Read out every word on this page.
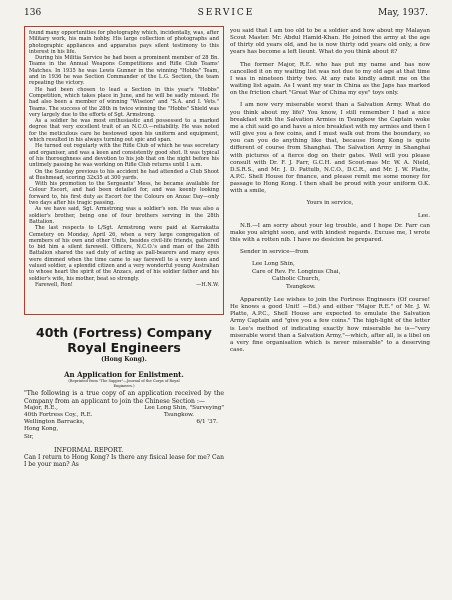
136	SERVICE	May, 1937.

found many opportunities for photography which, incidentally, was, after Military work, his main hobby. His large collection of photographs and photographic appliances and apparatus pays silent testimony to this interest in his life.

During his Militia Service he had been a prominent member of 28 Bn. Teams in the Annual Weapons Competitions and Rifle Club Teams' Matches. In 1935 he was Lewis Gunner in the winning "Hobbs" Team, and in 1936 he was Section Commander of the L.G. Section, the team repeating the victory.

He had been chosen to lead a Section in this year's "Hobbs" Competition, which takes place in June, and he will be sadly missed. He had also been a member of winning "Wiseion" and "S.A. and I. Vets." Teams. The success of the 28th in twice winning the "Hobbs" Shield was very largely due to the efforts of Sgt. Armstrong.

As a soldier he was most enthusiastic and possessed to a marked degree that very excellent trait of an N.C.O.—reliability. He was noted for the meticulous care he bestowed upon his uniform and equipment, which resulted in his always turning out spic and span.

He turned out regularly with the Rifle Club of which he was secretary and organiser, and was a keen and consistently good shot. It was typical of his thoroughness and devotion to his job that on the night before his untimely passing he was working on Rifle Club returns until 1 a.m.

On the Sunday previous to his accident he had attended a Club Shoot at Bushmead, scoring 32x35 at 300 yards.

With his promotion to the Sergeants' Mess, he became available for Colour Escort, and had been detailed for, and was keenly looking forward to, his first duty as Escort for the Colours on Anzac Day—only two days after his tragic passing.

As we have said, Sgt. Armstrong was a soldier's son. He was also a soldier's brother, being one of four brothers serving in the 28th Battalion.

The last respects to L/Sgt. Armstrong were paid at Karrakatta Cemetery on Monday, April 26, when a very large congregation of members of his own and other Units, besides civil-life friends, gathered to bid him a silent farewell. Officers, N.C.O.'s and man of the 28th Battalion shared the sad duty of acting as pall-bearers and many eyes were dimmed when the time came to say farewell to a very keen and valued soldier, a splendid citizen and a very wonderful young Australian to whose heart the spirit of the Anzacs, and of his soldier father and his soldier's wife, his mother, beat so strongly.

Farewell, Ron!	—H.N.W.

40th (Fortress) Company
Royal Engineers
(Hong Kong).
An Application for Enlistment.
(Reprinted from "The Sapper"—Journal of the Corps of Royal
Engineers.)

"The following is a true copy of an application received by the Company from an applicant to join the Chinese Section :—

Major, R.E.,	Lee Long Shin, "Surveying"
40th Fortress Coy., R.E.	Tsungkow.
Wellington Barracks,	6/1 '37.
Hong Kong,
Sir,
INFORMAL REPORT.

Can I return to Hong Kong? Is there any fisical lease for me? Can I be your man? As

you said that I am too old to be a soldier and how about my Malayan Scout Master. Mr. Abdul Hamid-Khan. He joined the army at the age of thirty old years old, and he is now thirty odd years old only, a few years has become a left lieunt. What do you think about it?

The former Major, R.E. who has put my name and has now cancelled it on my waiting list was not due to my old age at that time I was in nineteen thirty two. At any rate kindly admit me on the waiting list again. As I want my war in China as the Japs has marked on the friction chart "Great War of China my eye" toys only.

I am now very miserable worst than a Salvation Army. What do you think about my life? You know, I still remember I had a nice breakfast with the Salvation Armies in Tsungkow the Captain woke me a chit said go and have a nice breakfast with my armies and then I will give you a few coins, and I must walk out from the boundary, so you can you do anything like that, because Hong Kong is quite different of course from Shanghai. The Salvation Army in Shanghai with pictures of a fierce dog on their gates. Well will you please consult with Dr. F. J. Farr, G.C.H. and Scout-mas Mr. W. A. Nield, D.S.R.S., and Mr. J. D. Pattulb, N.C.O., D.C.R., and Mr. J. W. Platte, A.P.C. Shell House for finance, and please remit me some money for passage to Hong Kong. I then shall be proud with your uniform O.K. with a smile,

Yours in service,

Lee.

N.B.—I am sorry about your leg trouble, and I hope Dr. Farr can make you alright soon, and with kindest regards. Excuse me, I wrote this with a rotten nib. I have no desicion be prepared.

Sender in service—from

Lee Long Shin,
Care of Rev. Fr. Longinus Chai,
Catholic Church,
Tsungkow.

Apparently Lee wishes to join the Fortress Engineers (Of course! He knows a good Unit! —Ed.) and either "Major R.E." of Mr. J. W. Platte, A.P.C., Shell House are expected to emulate the Salvation Army Captain and "give you a few coins." The high-light of the letter is Lee's method of indicating exactly how miserable he is—"very miserable worst than a Salvation Army,"—which, after all, is a libel on a very fine organisation which is never miserable" to a deserving case.
